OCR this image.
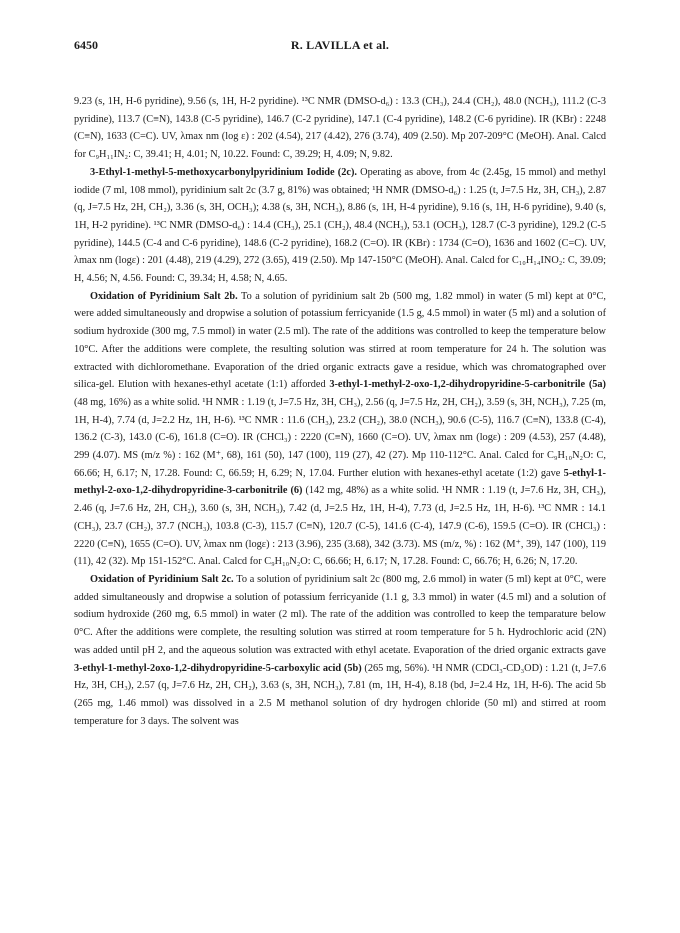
6450	R. LAVILLA et al.

9.23 (s, 1H, H-6 pyridine), 9.56 (s, 1H, H-2 pyridine). ¹³C NMR (DMSO-d₆) : 13.3 (CH₃), 24.4 (CH₂), 48.0 (NCH₃), 111.2 (C-3 pyridine), 113.7 (C≡N), 143.8 (C-5 pyridine), 146.7 (C-2 pyridine), 147.1 (C-4 pyridine), 148.2 (C-6 pyridine). IR (KBr) : 2248 (C≡N), 1633 (C=C). UV, λmax nm (log ε) : 202 (4.54), 217 (4.42), 276 (3.74), 409 (2.50). Mp 207-209°C (MeOH). Anal. Calcd for C₉H₁₁IN₂: C, 39.41; H, 4.01; N, 10.22. Found: C, 39.29; H, 4.09; N, 9.82.

3-Ethyl-1-methyl-5-methoxycarbonylpyridinium Iodide (2c). Operating as above, from 4c (2.45g, 15 mmol) and methyl iodide (7 ml, 108 mmol), pyridinium salt 2c (3.7 g, 81%) was obtained; ¹H NMR (DMSO-d₆) : 1.25 (t, J=7.5 Hz, 3H, CH₃), 2.87 (q, J=7.5 Hz, 2H, CH₂), 3.36 (s, 3H, OCH₃); 4.38 (s, 3H, NCH₃), 8.86 (s, 1H, H-4 pyridine), 9.16 (s, 1H, H-6 pyridine), 9.40 (s, 1H, H-2 pyridine). ¹³C NMR (DMSO-d₆) : 14.4 (CH₃), 25.1 (CH₂), 48.4 (NCH₃), 53.1 (OCH₃), 128.7 (C-3 pyridine), 129.2 (C-5 pyridine), 144.5 (C-4 and C-6 pyridine), 148.6 (C-2 pyridine), 168.2 (C=O). IR (KBr) : 1734 (C=O), 1636 and 1602 (C=C). UV, λmax nm (logε) : 201 (4.48), 219 (4.29), 272 (3.65), 419 (2.50). Mp 147-150°C (MeOH). Anal. Calcd for C₁₀H₁₄INO₂: C, 39.09; H, 4.56; N, 4.56. Found: C, 39.34; H, 4.58; N, 4.65.

Oxidation of Pyridinium Salt 2b. To a solution of pyridinium salt 2b (500 mg, 1.82 mmol) in water (5 ml) kept at 0°C, were added simultaneously and dropwise a solution of potassium ferricyanide (1.5 g, 4.5 mmol) in water (5 ml) and a solution of sodium hydroxide (300 mg, 7.5 mmol) in water (2.5 ml). The rate of the additions was controlled to keep the temperature below 10°C. After the additions were complete, the resulting solution was stirred at room temperature for 24 h. The solution was extracted with dichloromethane. Evaporation of the dried organic extracts gave a residue, which was chromatographed over silica-gel. Elution with hexanes-ethyl acetate (1:1) afforded 3-ethyl-1-methyl-2-oxo-1,2-dihydropyridine-5-carbonitrile (5a) (48 mg, 16%) as a white solid. ¹H NMR : 1.19 (t, J=7.5 Hz, 3H, CH₃), 2.56 (q, J=7.5 Hz, 2H, CH₂), 3.59 (s, 3H, NCH₃), 7.25 (m, 1H, H-4), 7.74 (d, J=2.2 Hz, 1H, H-6). ¹³C NMR : 11.6 (CH₃), 23.2 (CH₂), 38.0 (NCH₃), 90.6 (C-5), 116.7 (C≡N), 133.8 (C-4), 136.2 (C-3), 143.0 (C-6), 161.8 (C=O). IR (CHCl₃) : 2220 (C≡N), 1660 (C=O). UV, λmax nm (logε) : 209 (4.53), 257 (4.48), 299 (4.07). MS (m/z %) : 162 (M⁺, 68), 161 (50), 147 (100), 119 (27), 42 (27). Mp 110-112°C. Anal. Calcd for C₉H₁₀N₂O: C, 66.66; H, 6.17; N, 17.28. Found: C, 66.59; H, 6.29; N, 17.04. Further elution with hexanes-ethyl acetate (1:2) gave 5-ethyl-1-methyl-2-oxo-1,2-dihydropyridine-3-carbonitrile (6) (142 mg, 48%) as a white solid. ¹H NMR : 1.19 (t, J=7.6 Hz, 3H, CH₃), 2.46 (q, J=7.6 Hz, 2H, CH₂), 3.60 (s, 3H, NCH₃), 7.42 (d, J=2.5 Hz, 1H, H-4), 7.73 (d, J=2.5 Hz, 1H, H-6). ¹³C NMR : 14.1 (CH₃), 23.7 (CH₂), 37.7 (NCH₃), 103.8 (C-3), 115.7 (C≡N), 120.7 (C-5), 141.6 (C-4), 147.9 (C-6), 159.5 (C=O). IR (CHCl₃) : 2220 (C≡N), 1655 (C=O). UV, λmax nm (logε) : 213 (3.96), 235 (3.68), 342 (3.73). MS (m/z, %) : 162 (M⁺, 39), 147 (100), 119 (11), 42 (32). Mp 151-152°C. Anal. Calcd for C₉H₁₀N₂O: C, 66.66; H, 6.17; N, 17.28. Found: C, 66.76; H, 6.26; N, 17.20.

Oxidation of Pyridinium Salt 2c. To a solution of pyridinium salt 2c (800 mg, 2.6 mmol) in water (5 ml) kept at 0°C, were added simultaneously and dropwise a solution of potassium ferricyanide (1.1 g, 3.3 mmol) in water (4.5 ml) and a solution of sodium hydroxide (260 mg, 6.5 mmol) in water (2 ml). The rate of the addition was controlled to keep the temparature below 0°C. After the additions were complete, the resulting solution was stirred at room temperature for 5 h. Hydrochloric acid (2N) was added until pH 2, and the aqueous solution was extracted with ethyl acetate. Evaporation of the dried organic extracts gave 3-ethyl-1-methyl-2oxo-1,2-dihydropyridine-5-carboxylic acid (5b) (265 mg, 56%). ¹H NMR (CDCl₃-CD₃OD) : 1.21 (t, J=7.6 Hz, 3H, CH₃), 2.57 (q, J=7.6 Hz, 2H, CH₂), 3.63 (s, 3H, NCH₃), 7.81 (m, 1H, H-4), 8.18 (bd, J=2.4 Hz, 1H, H-6). The acid 5b (265 mg, 1.46 mmol) was dissolved in a 2.5 M methanol solution of dry hydrogen chloride (50 ml) and stirred at room temperature for 3 days. The solvent was
